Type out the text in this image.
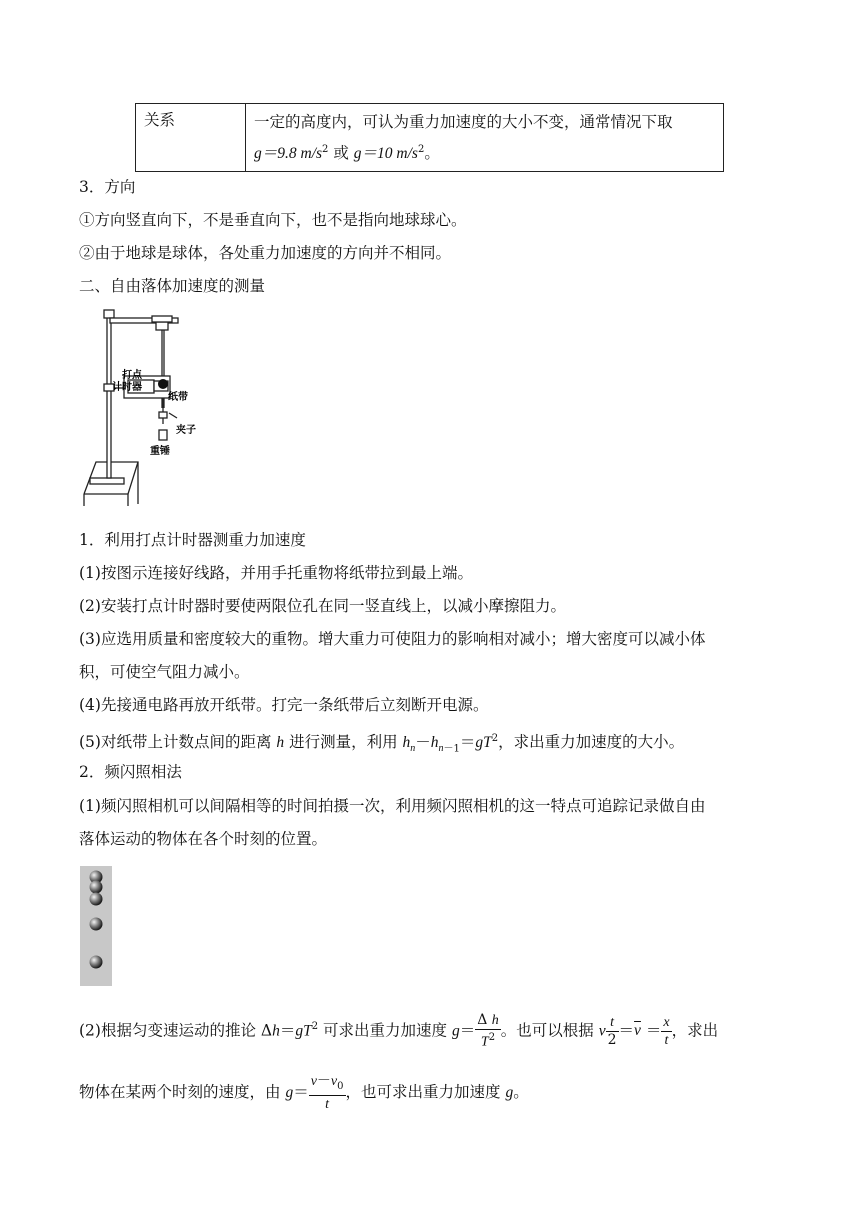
关系	一定的高度内，可认为重力加速度的大小不变，通常情况下取
g＝9.8 $m/s^2$ 或 g＝10 $m/s^2$。
3．方向
①方向竖直向下，不是垂直向下，也不是指向地球球心。
②由于地球是球体，各处重力加速度的方向并不相同。
二、自由落体加速度的测量
打点
计时器
纸带
夹子
重锤
1．利用打点计时器测重力加速度
(1)按图示连接好线路，并用手托重物将纸带拉到最上端。
(2)安装打点计时器时要使两限位孔在同一竖直线上，以减小摩擦阻力。
(3)应选用质量和密度较大的重物。增大重力可使阻力的影响相对减小；增大密度可以减小体
积，可使空气阻力减小。
(4)先接通电路再放开纸带。打完一条纸带后立刻断开电源。
(5)对纸带上计数点间的距离 h 进行测量，利用 $h_n-h_{n-1}=gT^2$，求出重力加速度的大小。
2．频闪照相法
(1)频闪照相机可以间隔相等的时间拍摄一次，利用频闪照相机的这一特点可追踪记录做自由
落体运动的物体在各个时刻的位置。
(2)根据匀变速运动的推论 $\Delta h=gT^2$ 可求出重力加速度 $g= \frac{\text{Δ h}}{T^2}$ 。也可以根据 v $\frac{t}{2} =\overline{v} = \frac{x}{t}$ ，求出
物体在某两个时刻的速度，由 $g= \frac{v-v_0}{t}$ ，也可求出重力加速度 g。
